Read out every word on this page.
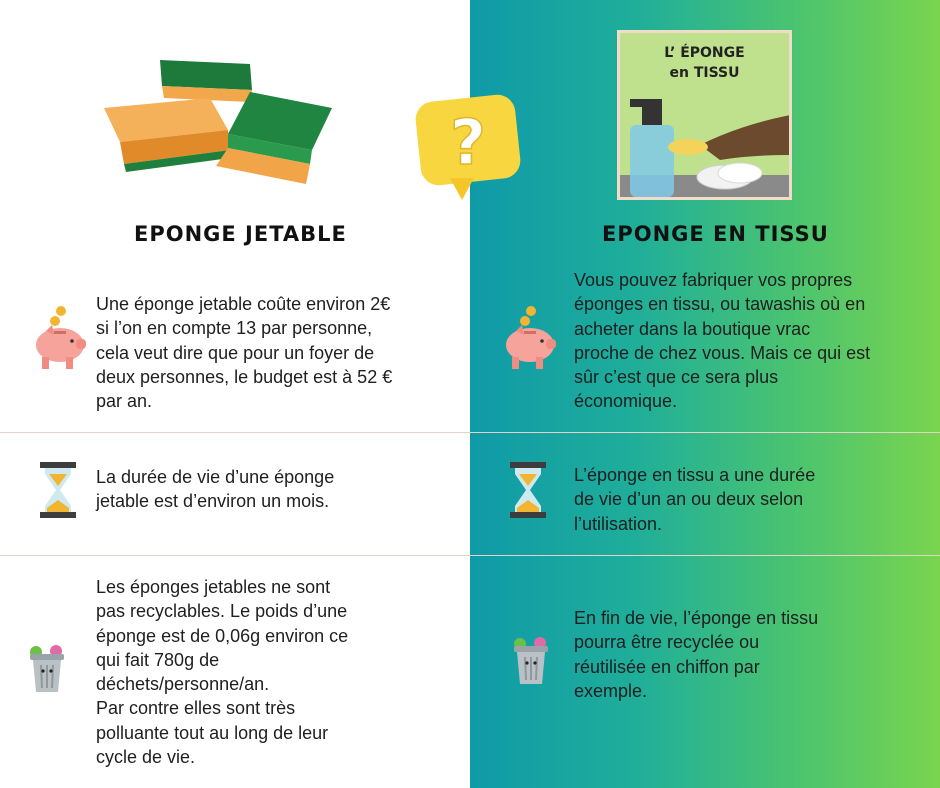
?
L’ ÉPONGE
en TISSU
EPONGE JETABLE	EPONGE EN TISSU
Une éponge jetable coûte environ 2€
si l’on en compte 13 par personne,
cela veut dire que pour un foyer de
deux personnes, le budget est à 52 €
par an.
La durée de vie d’une éponge
jetable est d’environ un mois.
Les éponges jetables ne sont
pas recyclables. Le poids d’une
éponge est de 0,06g environ ce
qui fait 780g de
déchets/personne/an.
Par contre elles sont très
polluante tout au long de leur
cycle de vie.
Vous pouvez fabriquer vos propres
éponges en tissu, ou tawashis où en
acheter dans la boutique vrac
proche de chez vous. Mais ce qui est
sûr c’est que ce sera plus
économique.
L’éponge en tissu a une durée
de vie d’un an ou deux selon
l’utilisation.
En fin de vie, l’éponge en tissu
pourra être recyclée ou
réutilisée en chiffon par
exemple.
